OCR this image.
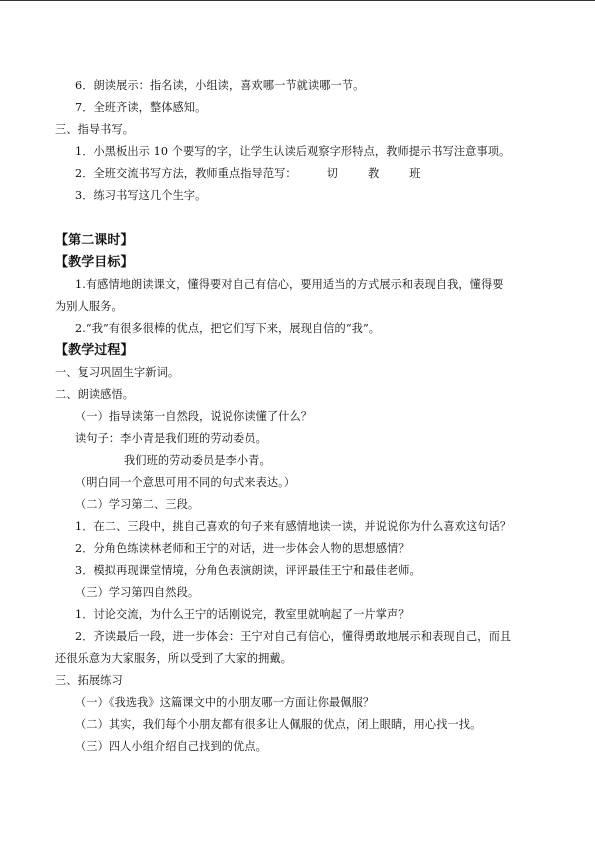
6．朗读展示：指名读，小组读，喜欢哪一节就读哪一节。
7．全班齐读，整体感知。
三、指导书写。
1．小黑板出示 10 个要写的字，让学生认读后观察字形特点，教师提示书写注意事项。
2．全班交流书写方法，教师重点指导范写：	切	教	班
3．练习书写这几个生字。
【第二课时】
【教学目标】
1.有感情地朗读课文，懂得要对自己有信心，要用适当的方式展示和表现自我，懂得要
为别人服务。
2.“我”有很多很棒的优点，把它们写下来，展现自信的“我”。
【教学过程】
一、复习巩固生字新词。
二、朗读感悟。
（一）指导读第一自然段，说说你读懂了什么？
读句子：李小青是我们班的劳动委员。
我们班的劳动委员是李小青。
（明白同一个意思可用不同的句式来表达。）
（二）学习第二、三段。
1．在二、三段中，挑自己喜欢的句子来有感情地读一读，并说说你为什么喜欢这句话？
2．分角色练读林老师和王宁的对话，进一步体会人物的思想感情？
3．模拟再现课堂情境，分角色表演朗读，评评最佳王宁和最佳老师。
（三）学习第四自然段。
1．讨论交流，为什么王宁的话刚说完，教室里就响起了一片掌声？
2．齐读最后一段，进一步体会：王宁对自己有信心，懂得勇敢地展示和表现自己，而且
还很乐意为大家服务，所以受到了大家的拥戴。
三、拓展练习
（一）《我选我》这篇课文中的小朋友哪一方面让你最佩服？
（二）其实，我们每个小朋友都有很多让人佩服的优点，闭上眼睛，用心找一找。
（三）四人小组介绍自己找到的优点。
